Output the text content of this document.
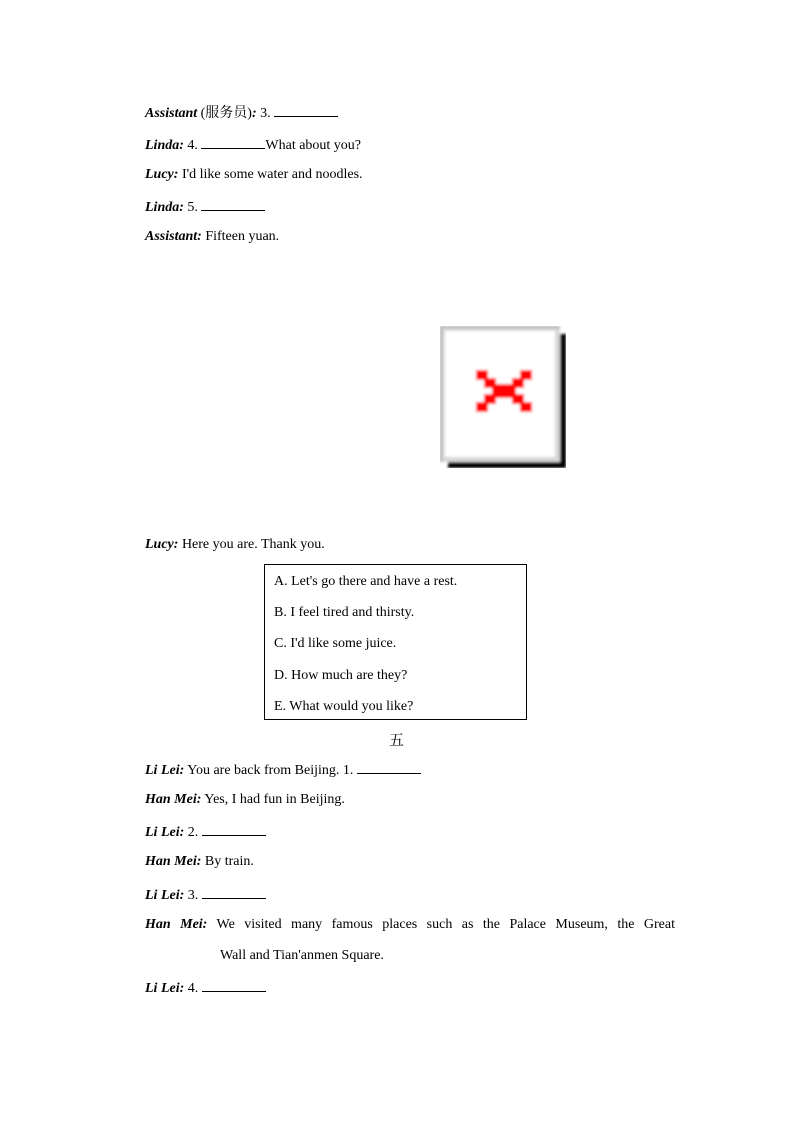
Assistant (服务员): 3.
Linda: 4.	What about you?
Lucy: I'd like some water and noodles.
Linda: 5.
Assistant: Fifteen yuan.
Lucy: Here you are. Thank you.
A. Let's go there and have a rest.
B. I feel tired and thirsty.
C. I'd like some juice.
D. How much are they?
E. What would you like?
五
Li Lei: You are back from Beijing. 1.
Han Mei: Yes, I had fun in Beijing.
Li Lei: 2.
Han Mei: By train.
Li Lei: 3.
Han Mei: We visited many famous places such as the Palace Museum, the Great
Wall and Tian'anmen Square.
Li Lei: 4.
